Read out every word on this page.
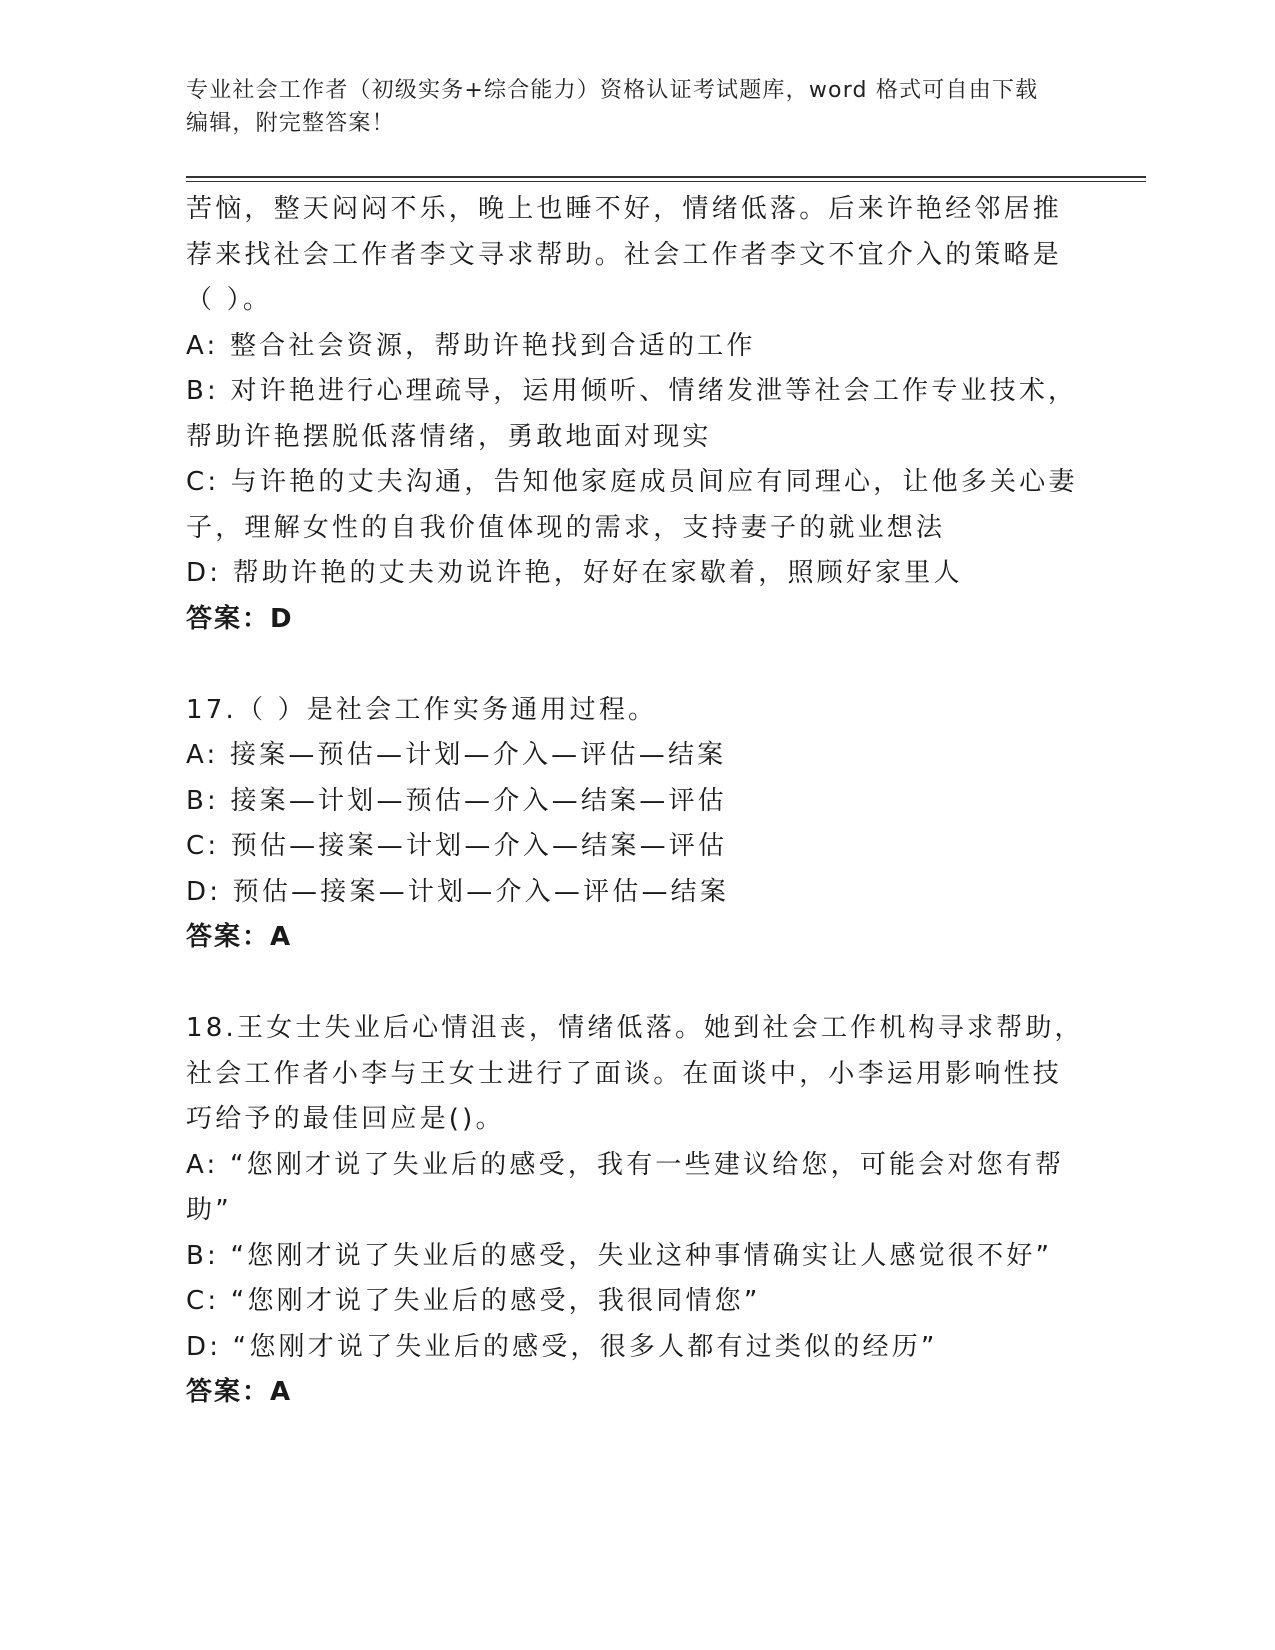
专业社会工作者（初级实务+综合能力）资格认证考试题库，word 格式可自由下载
编辑，附完整答案！
苦恼，整天闷闷不乐，晚上也睡不好，情绪低落。后来许艳经邻居推
荐来找社会工作者李文寻求帮助。社会工作者李文不宜介入的策略是
（ ）。
A: 整合社会资源，帮助许艳找到合适的工作
B: 对许艳进行心理疏导，运用倾听、情绪发泄等社会工作专业技术，
帮助许艳摆脱低落情绪，勇敢地面对现实
C: 与许艳的丈夫沟通，告知他家庭成员间应有同理心，让他多关心妻
子，理解女性的自我价值体现的需求，支持妻子的就业想法
D: 帮助许艳的丈夫劝说许艳，好好在家歇着，照顾好家里人
答案：D
17.（ ）是社会工作实务通用过程。
A: 接案—预估—计划—介入—评估—结案
B: 接案—计划—预估—介入—结案—评估
C: 预估—接案—计划—介入—结案—评估
D: 预估—接案—计划—介入—评估—结案
答案：A
18.王女士失业后心情沮丧，情绪低落。她到社会工作机构寻求帮助，
社会工作者小李与王女士进行了面谈。在面谈中，小李运用影响性技
巧给予的最佳回应是()。
A: “您刚才说了失业后的感受，我有一些建议给您，可能会对您有帮
助”
B: “您刚才说了失业后的感受，失业这种事情确实让人感觉很不好”
C: “您刚才说了失业后的感受，我很同情您”
D: “您刚才说了失业后的感受，很多人都有过类似的经历”
答案：A
